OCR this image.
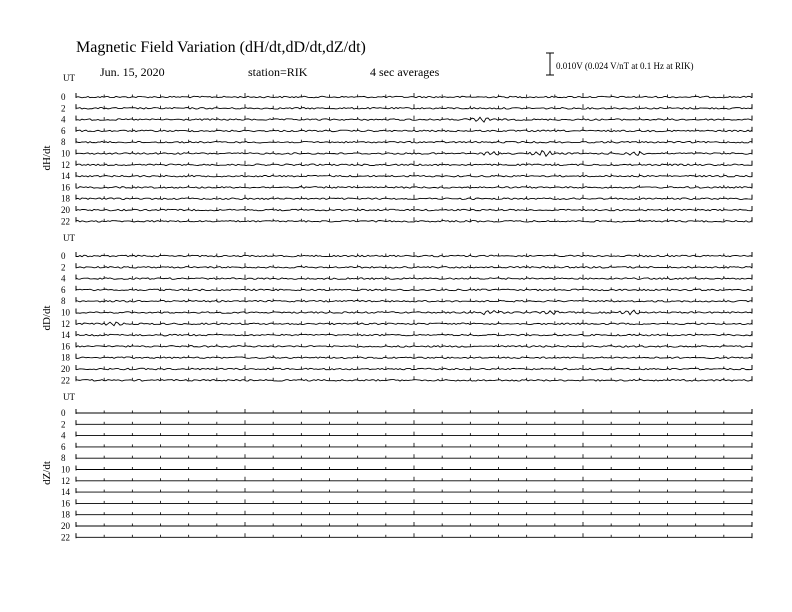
Magnetic Field Variation (dH/dt,dD/dt,dZ/dt)
Jun. 15, 2020	station=RIK	4 sec averages	0.010V (0.024 V/nT at 0.1 Hz at RIK)
UT
dH/dt
0
2
4
6
8
10
12
14
16
18
20
22
UT
dD/dt
0
2
4
6
8
10
12
14
16
18
20
22
UT
dZ/dt
0
2
4
6
8
10
12
14
16
18
20
22
